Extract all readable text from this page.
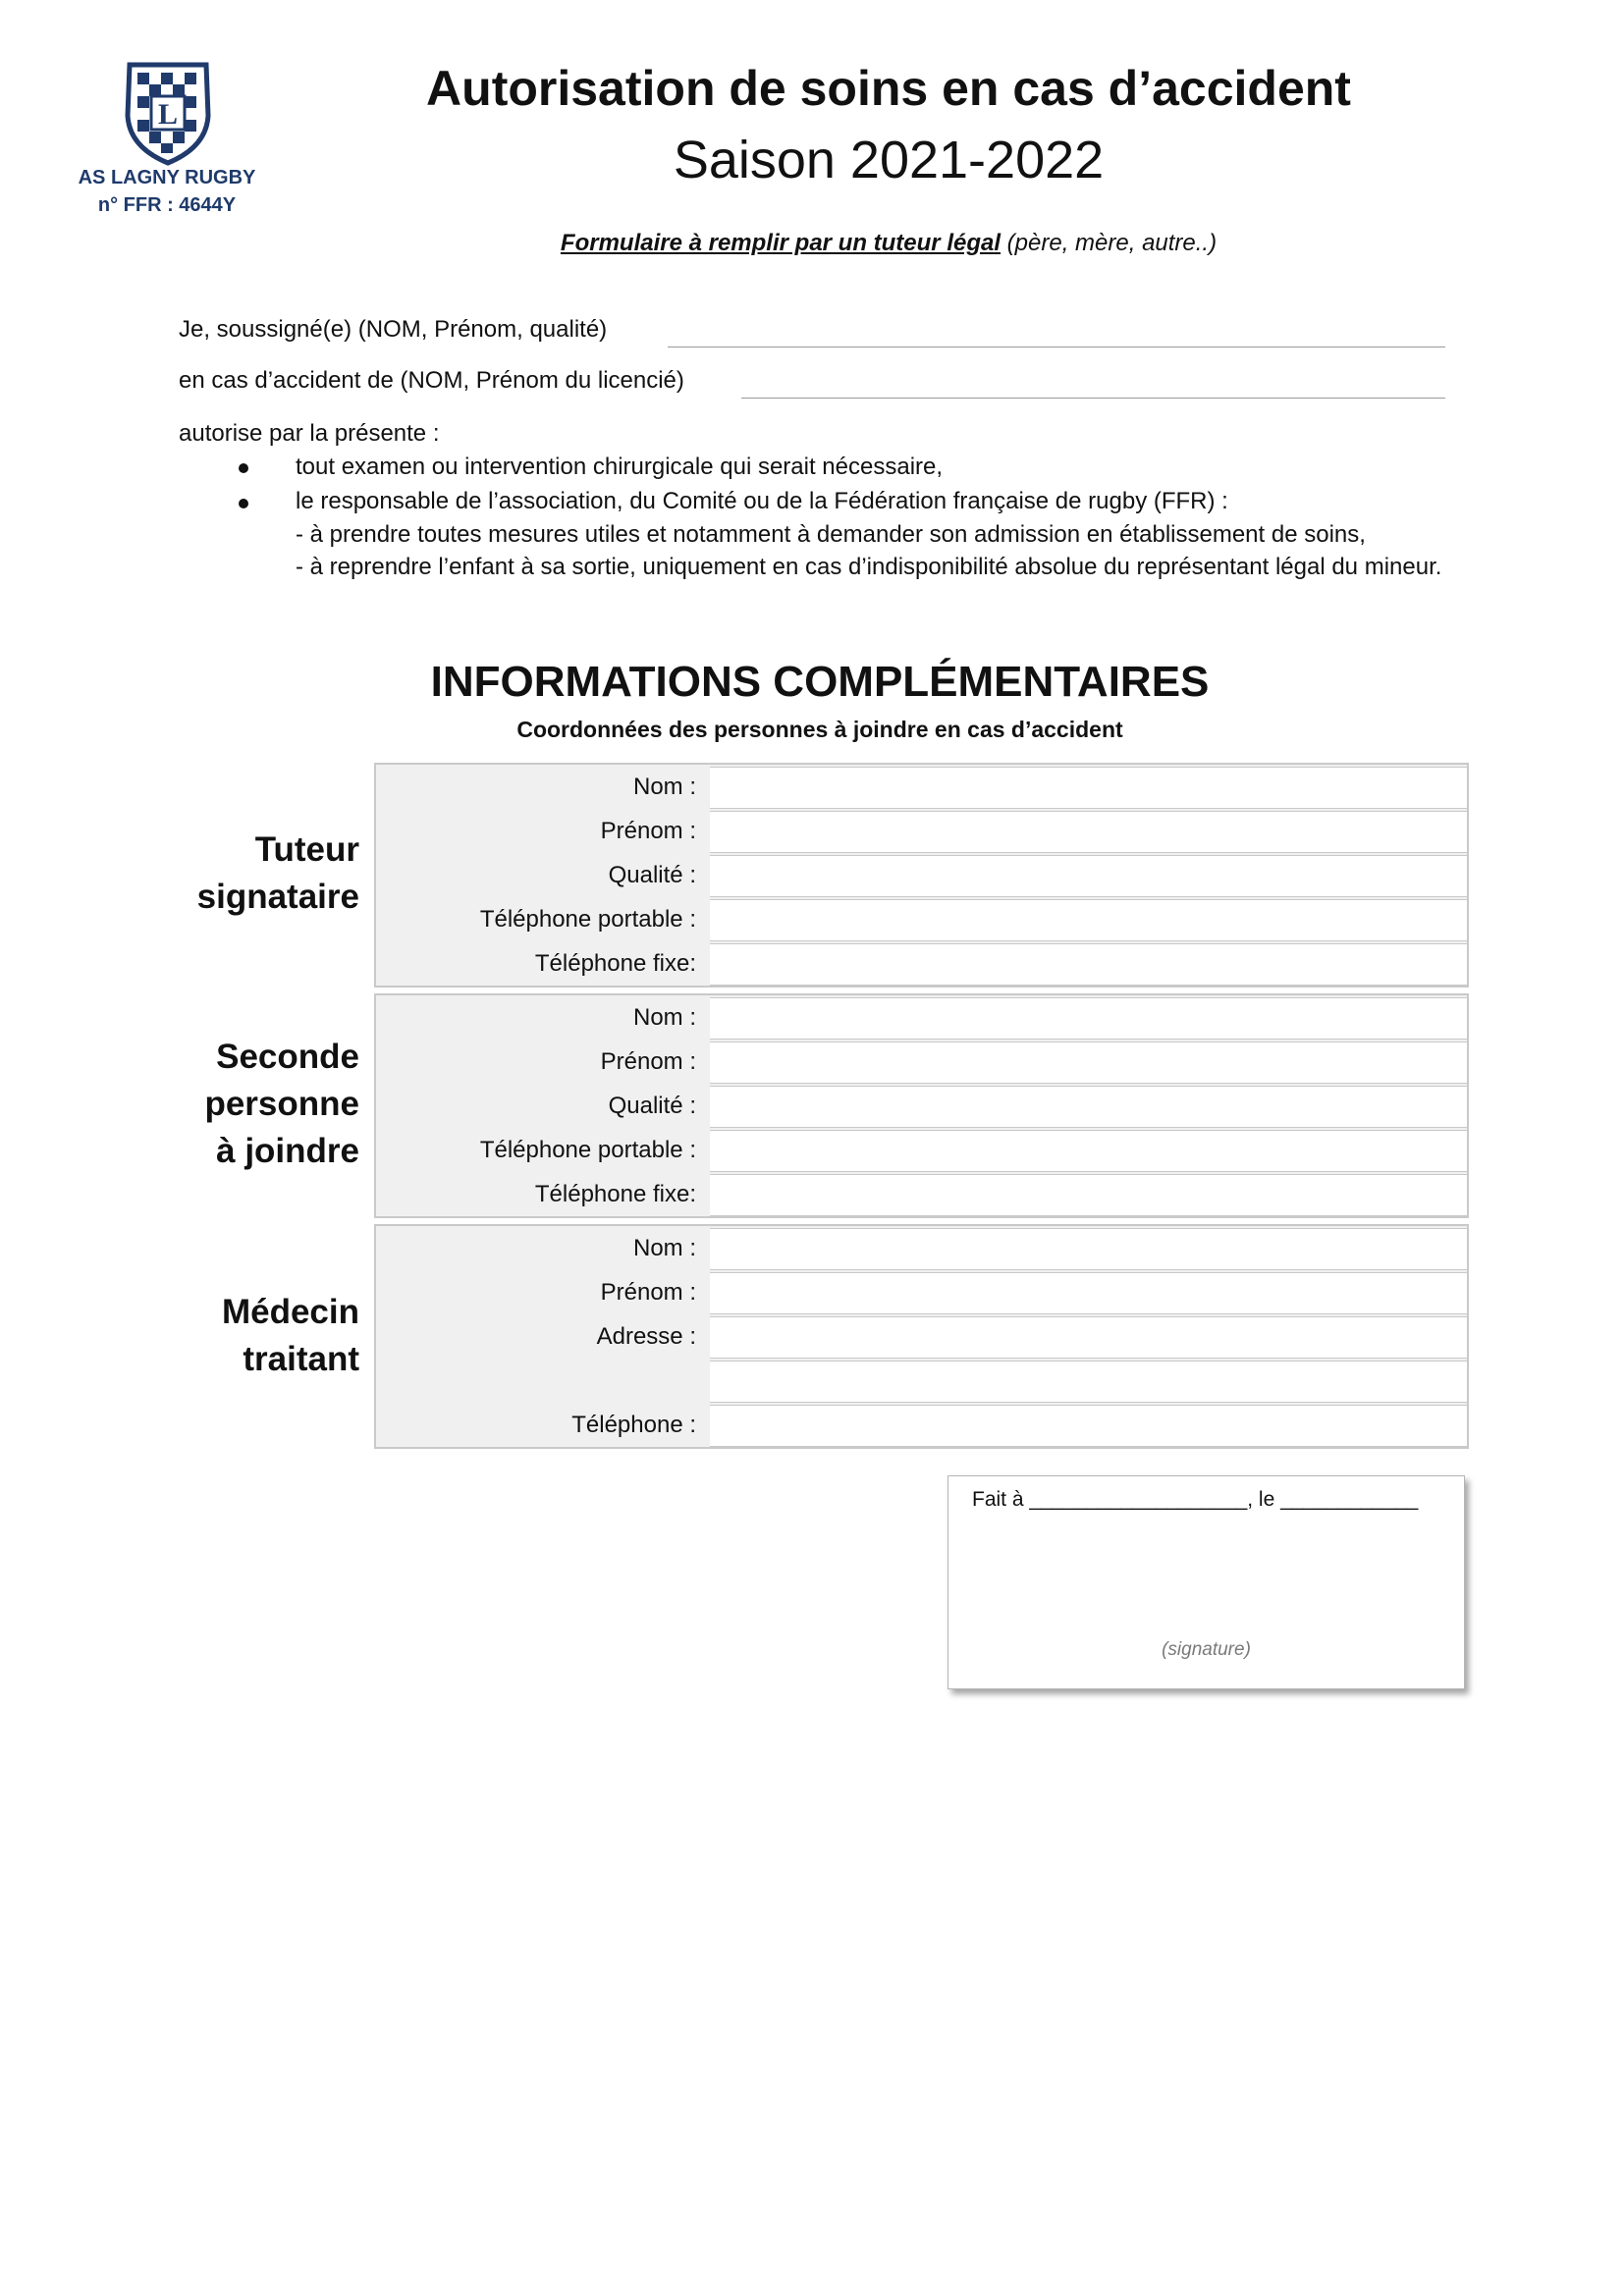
L
AS LAGNY RUGBY
n° FFR : 4644Y
Autorisation de soins en cas d’accident
Saison 2021-2022
Formulaire à remplir par un tuteur légal (père, mère, autre..)
Je, soussigné(e) (NOM, Prénom, qualité)
en cas d’accident de (NOM, Prénom du licencié)
autorise par la présente :
tout examen ou intervention chirurgicale qui serait nécessaire,
le responsable de l’association, du Comité ou de la Fédération française de rugby (FFR) :
- à prendre toutes mesures utiles et notamment à demander son admission en établissement de soins,
- à reprendre l’enfant à sa sortie, uniquement en cas d’indisponibilité absolue du représentant légal du mineur.
INFORMATIONS COMPLÉMENTAIRES
Coordonnées des personnes à joindre en cas d’accident
Tuteur
signataire
Nom :
Prénom :
Qualité :
Téléphone portable :
Téléphone fixe:
Seconde
personne
à joindre
Nom :
Prénom :
Qualité :
Téléphone portable :
Téléphone fixe:
Médecin
traitant
Nom :
Prénom :
Adresse :
Téléphone :
Fait à ___________________, le ____________
(signature)
